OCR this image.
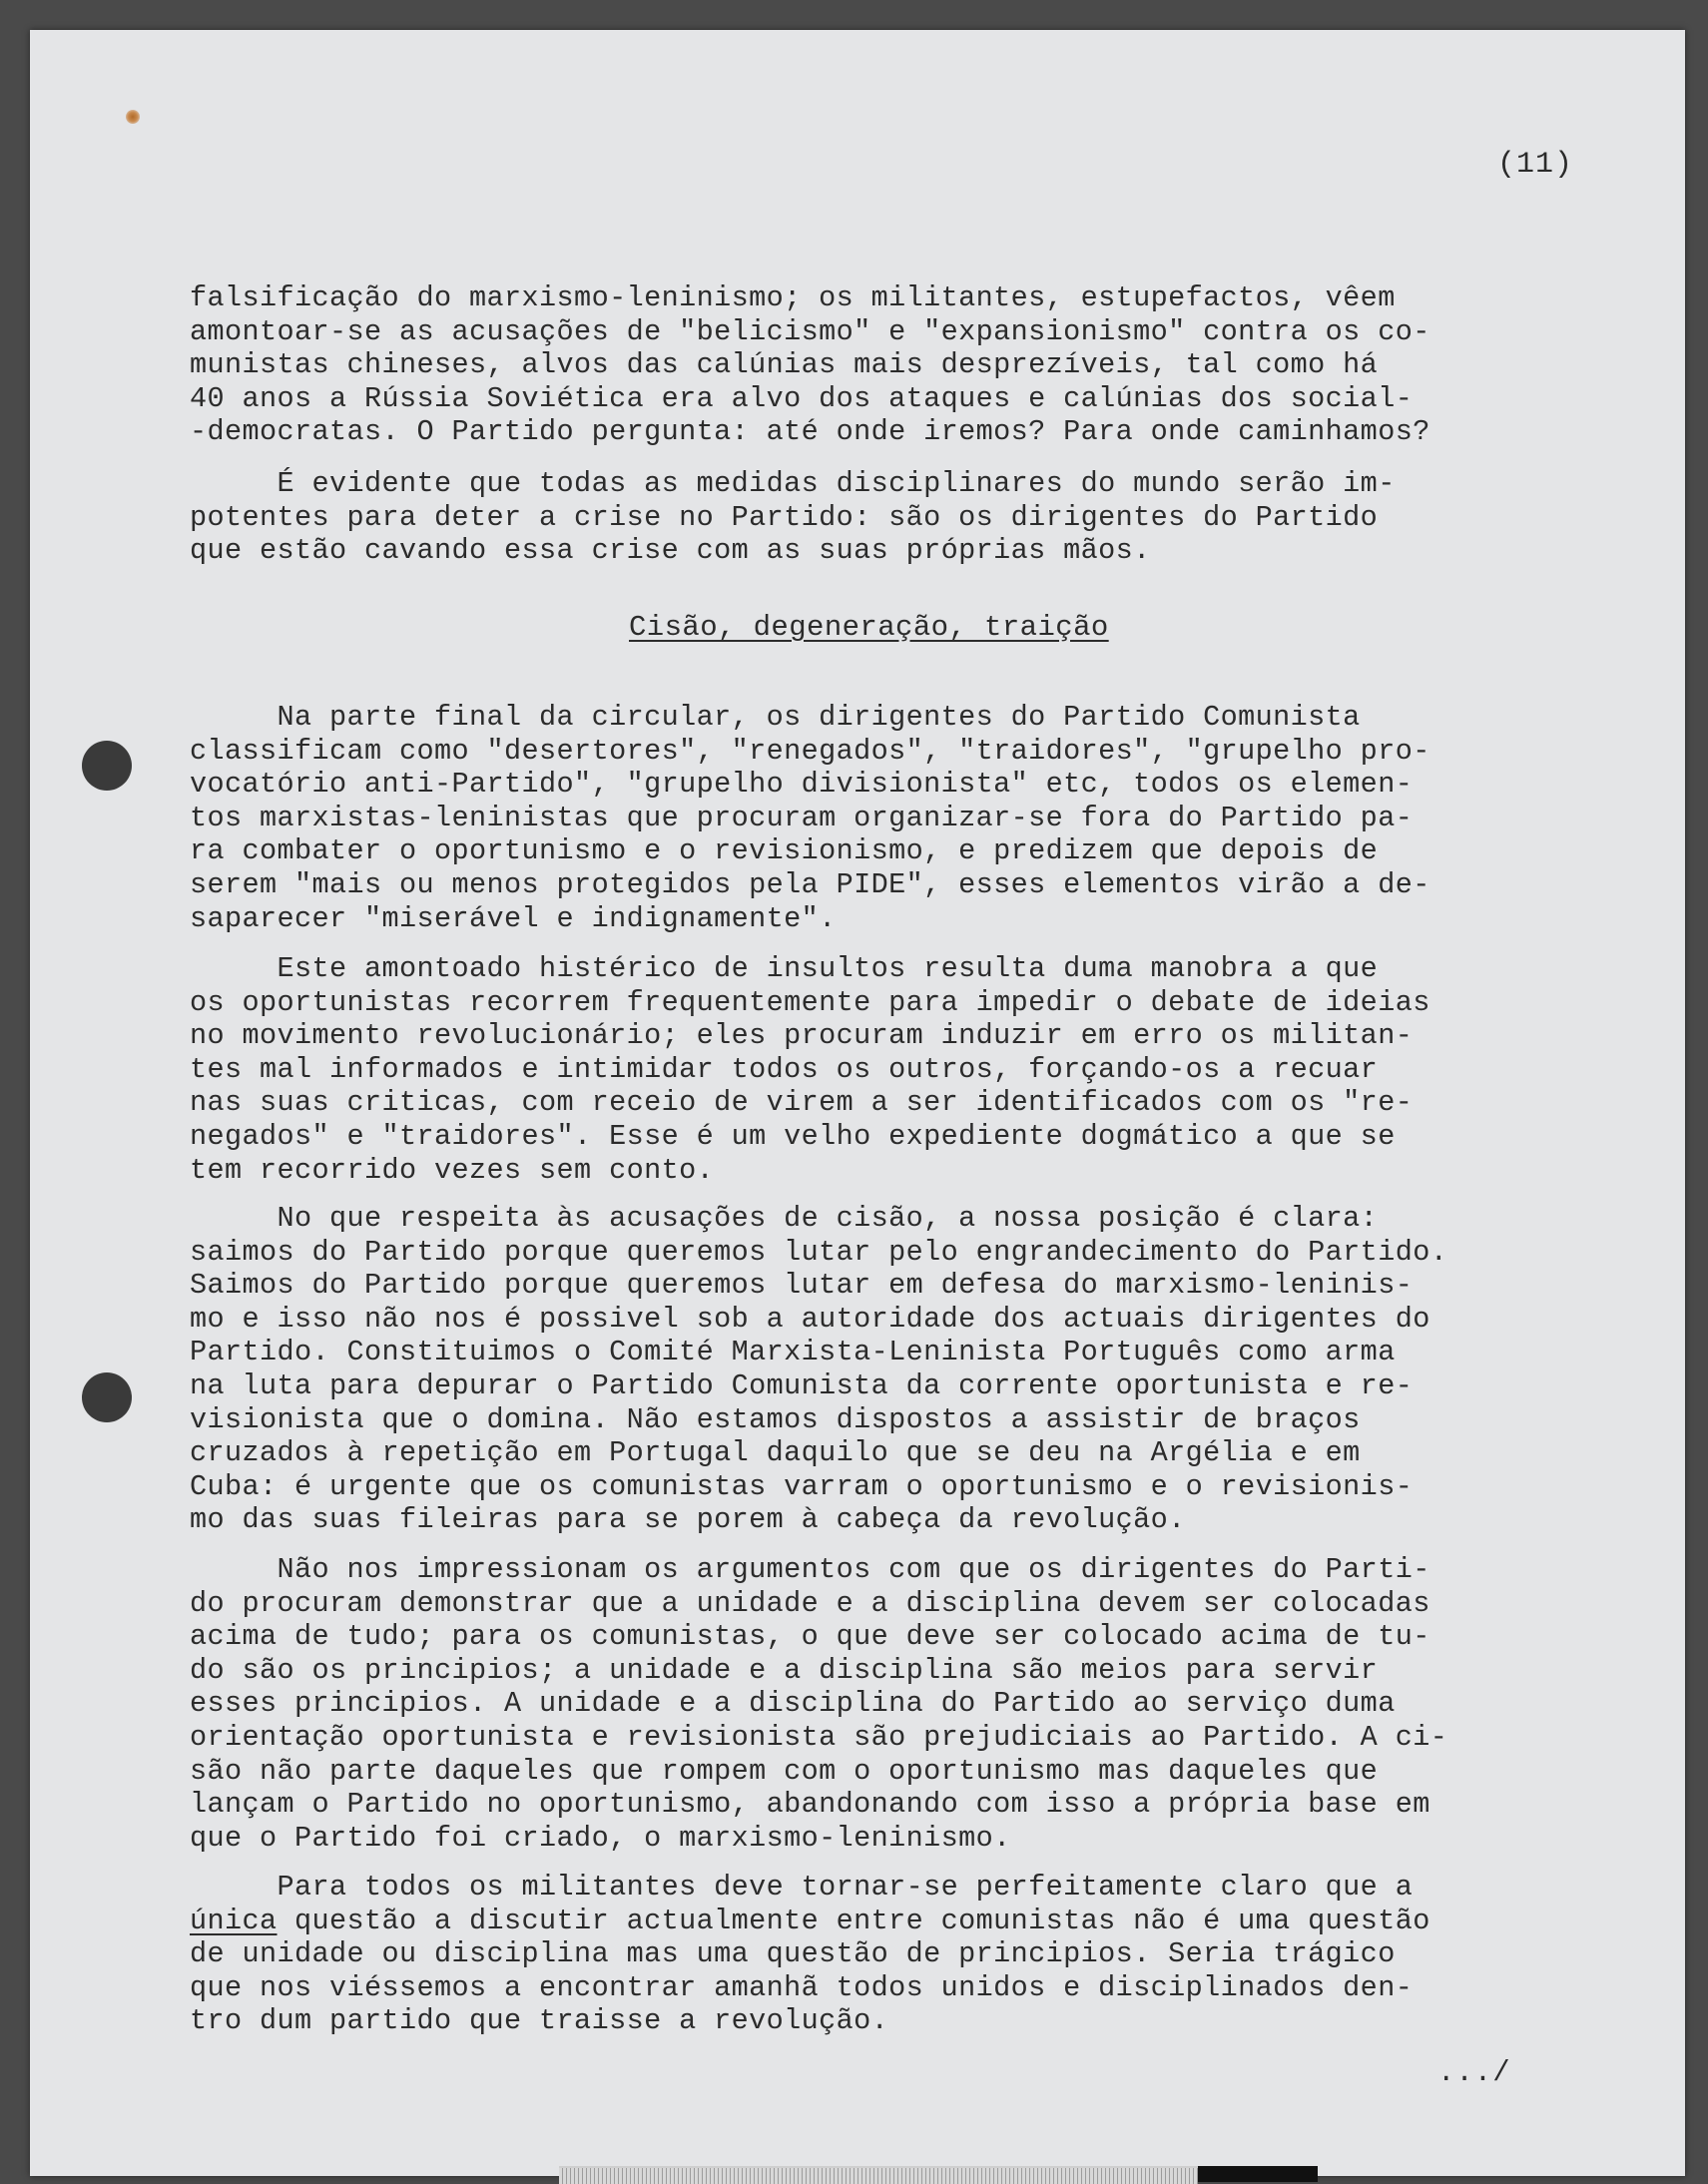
(11)
falsificação do marxismo-leninismo; os militantes, estupefactos, vêem
amontoar-se as acusações de "belicismo" e "expansionismo" contra os co-
munistas chineses, alvos das calúnias mais desprezíveis, tal como há
40 anos a Rússia Soviética era alvo dos ataques e calúnias dos social-
-democratas. O Partido pergunta: até onde iremos? Para onde caminhamos?
É evidente que todas as medidas disciplinares do mundo serão im-
potentes para deter a crise no Partido: são os dirigentes do Partido
que estão cavando essa crise com as suas próprias mãos.
Cisão, degeneração, traição
Na parte final da circular, os dirigentes do Partido Comunista
classificam como "desertores", "renegados", "traidores", "grupelho pro-
vocatório anti-Partido", "grupelho divisionista" etc, todos os elemen-
tos marxistas-leninistas que procuram organizar-se fora do Partido pa-
ra combater o oportunismo e o revisionismo, e predizem que depois de
serem "mais ou menos protegidos pela PIDE", esses elementos virão a de-
saparecer "miserável e indignamente".
Este amontoado histérico de insultos resulta duma manobra a que
os oportunistas recorrem frequentemente para impedir o debate de ideias
no movimento revolucionário; eles procuram induzir em erro os militan-
tes mal informados e intimidar todos os outros, forçando-os a recuar
nas suas criticas, com receio de virem a ser identificados com os "re-
negados" e "traidores". Esse é um velho expediente dogmático a que se
tem recorrido vezes sem conto.
No que respeita às acusações de cisão, a nossa posição é clara:
saimos do Partido porque queremos lutar pelo engrandecimento do Partido.
Saimos do Partido porque queremos lutar em defesa do marxismo-leninis-
mo e isso não nos é possivel sob a autoridade dos actuais dirigentes do
Partido. Constituimos o Comité Marxista-Leninista Português como arma
na luta para depurar o Partido Comunista da corrente oportunista e re-
visionista que o domina. Não estamos dispostos a assistir de braços
cruzados à repetição em Portugal daquilo que se deu na Argélia e em
Cuba: é urgente que os comunistas varram o oportunismo e o revisionis-
mo das suas fileiras para se porem à cabeça da revolução.
Não nos impressionam os argumentos com que os dirigentes do Parti-
do procuram demonstrar que a unidade e a disciplina devem ser colocadas
acima de tudo; para os comunistas, o que deve ser colocado acima de tu-
do são os principios; a unidade e a disciplina são meios para servir
esses principios. A unidade e a disciplina do Partido ao serviço duma
orientação oportunista e revisionista são prejudiciais ao Partido. A ci-
são não parte daqueles que rompem com o oportunismo mas daqueles que
lançam o Partido no oportunismo, abandonando com isso a própria base em
que o Partido foi criado, o marxismo-leninismo.
Para todos os militantes deve tornar-se perfeitamente claro que a
única questão a discutir actualmente entre comunistas não é uma questão
de unidade ou disciplina mas uma questão de principios. Seria trágico
que nos viéssemos a encontrar amanhã todos unidos e disciplinados den-
tro dum partido que traisse a revolução.
.../
